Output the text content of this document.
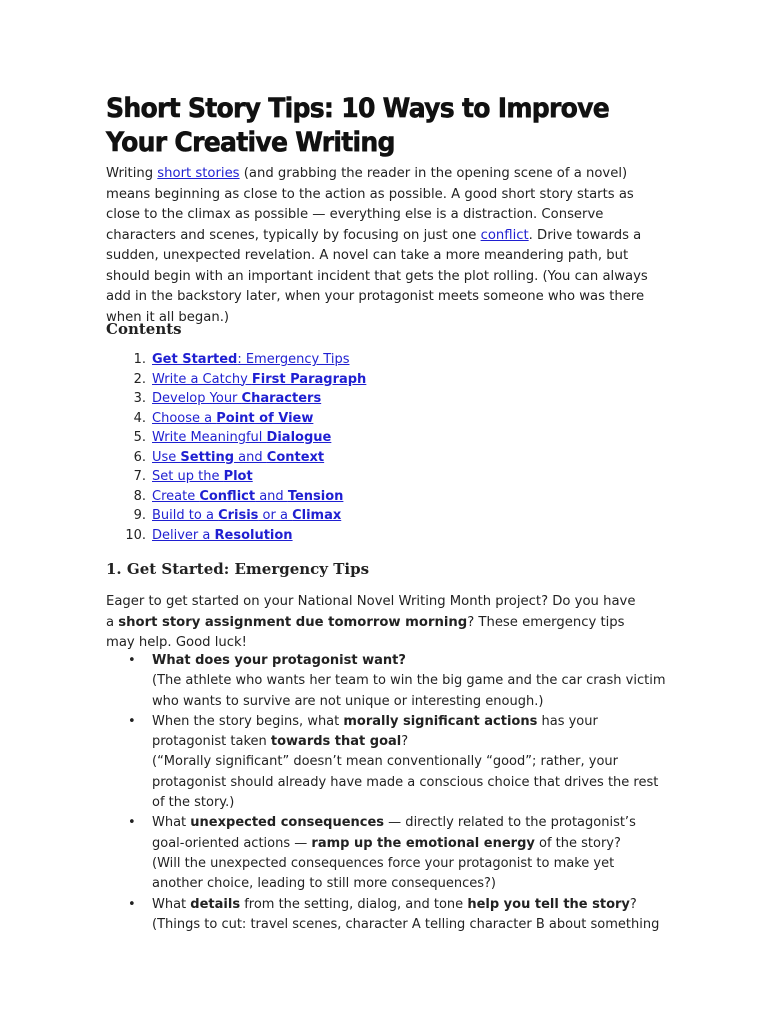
Short Story Tips: 10 Ways to Improve Your Creative Writing

Writing short stories (and grabbing the reader in the opening scene of a novel) means beginning as close to the action as possible. A good short story starts as close to the climax as possible — everything else is a distraction. Conserve characters and scenes, typically by focusing on just one conflict. Drive towards a sudden, unexpected revelation. A novel can take a more meandering path, but should begin with an important incident that gets the plot rolling. (You can always add in the backstory later, when your protagonist meets someone who was there when it all began.)

Contents
1. Get Started: Emergency Tips
2. Write a Catchy First Paragraph
3. Develop Your Characters
4. Choose a Point of View
5. Write Meaningful Dialogue
6. Use Setting and Context
7. Set up the Plot
8. Create Conflict and Tension
9. Build to a Crisis or a Climax
10. Deliver a Resolution
1. Get Started: Emergency Tips

Eager to get started on your National Novel Writing Month project? Do you have a short story assignment due tomorrow morning? These emergency tips may help. Good luck!

• What does your protagonist want?
(The athlete who wants her team to win the big game and the car crash victim who wants to survive are not unique or interesting enough.)
• When the story begins, what morally significant actions has your protagonist taken towards that goal?
(“Morally significant” doesn’t mean conventionally “good”; rather, your protagonist should already have made a conscious choice that drives the rest of the story.)
• What unexpected consequences — directly related to the protagonist’s goal-oriented actions — ramp up the emotional energy of the story?
(Will the unexpected consequences force your protagonist to make yet another choice, leading to still more consequences?)
• What details from the setting, dialog, and tone help you tell the story?
(Things to cut: travel scenes, character A telling character B about something
